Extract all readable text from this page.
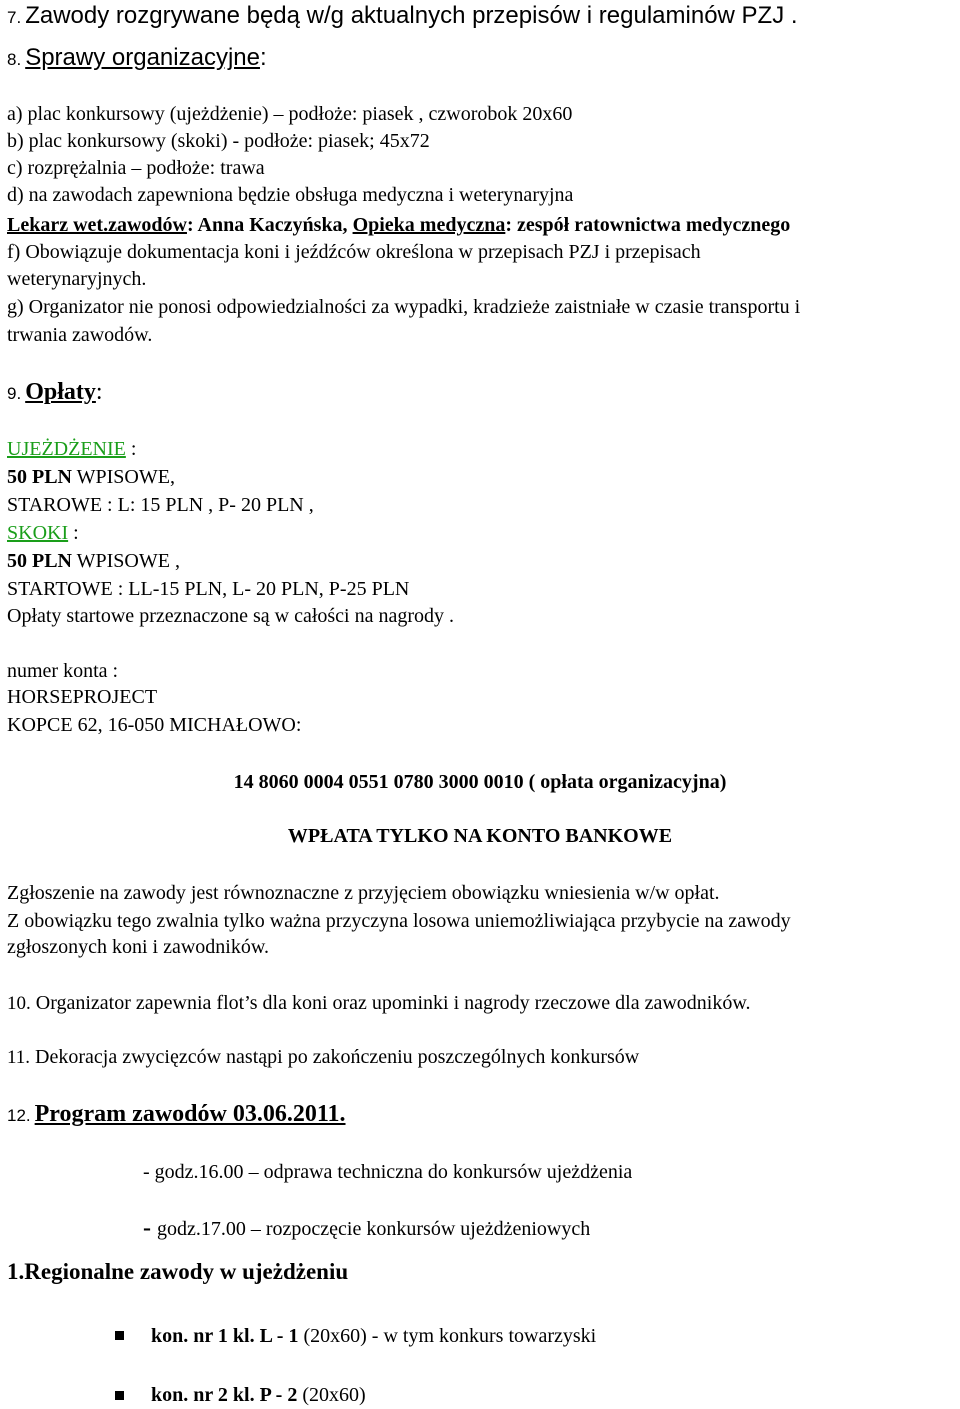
7. Zawody rozgrywane będą w/g aktualnych przepisów i regulaminów PZJ .
8. Sprawy organizacyjne:
a) plac konkursowy (ujeżdżenie) – podłoże: piasek , czworobok 20x60
b) plac konkursowy (skoki) - podłoże: piasek; 45x72
c) rozprężalnia – podłoże: trawa
d) na zawodach zapewniona będzie obsługa medyczna i weterynaryjna
Lekarz wet.zawodów: Anna Kaczyńska, Opieka medyczna: zespół ratownictwa medycznego
f) Obowiązuje dokumentacja koni i jeźdźców określona w przepisach PZJ i przepisach
weterynaryjnych.
g) Organizator nie ponosi odpowiedzialności za wypadki, kradzieże zaistniałe w czasie transportu i
trwania zawodów.
9. Opłaty:
UJEŻDŻENIE :
50 PLN WPISOWE,
STAROWE : L: 15 PLN , P- 20 PLN ,
SKOKI :
50 PLN WPISOWE ,
STARTOWE : LL-15 PLN, L- 20 PLN, P-25 PLN
Opłaty startowe przeznaczone są w całości na nagrody .
numer konta :
HORSEPROJECT
KOPCE 62, 16-050 MICHAŁOWO:
14 8060 0004 0551 0780 3000 0010 ( opłata organizacyjna)
WPŁATA TYLKO NA KONTO BANKOWE
Zgłoszenie na zawody jest równoznaczne z przyjęciem obowiązku wniesienia w/w opłat.
Z obowiązku tego zwalnia tylko ważna przyczyna losowa uniemożliwiająca przybycie na zawody
zgłoszonych koni i zawodników.
10. Organizator zapewnia flot’s dla koni oraz upominki i nagrody rzeczowe dla zawodników.
11. Dekoracja zwycięzców nastąpi po zakończeniu poszczególnych konkursów
12. Program zawodów 03.06.2011.
- godz.16.00 – odprawa techniczna do konkursów ujeżdżenia
- godz.17.00 – rozpoczęcie konkursów ujeżdżeniowych
1.Regionalne zawody w ujeżdżeniu
kon. nr 1 kl. L - 1 (20x60) - w tym konkurs towarzyski
kon. nr 2 kl. P - 2 (20x60)
